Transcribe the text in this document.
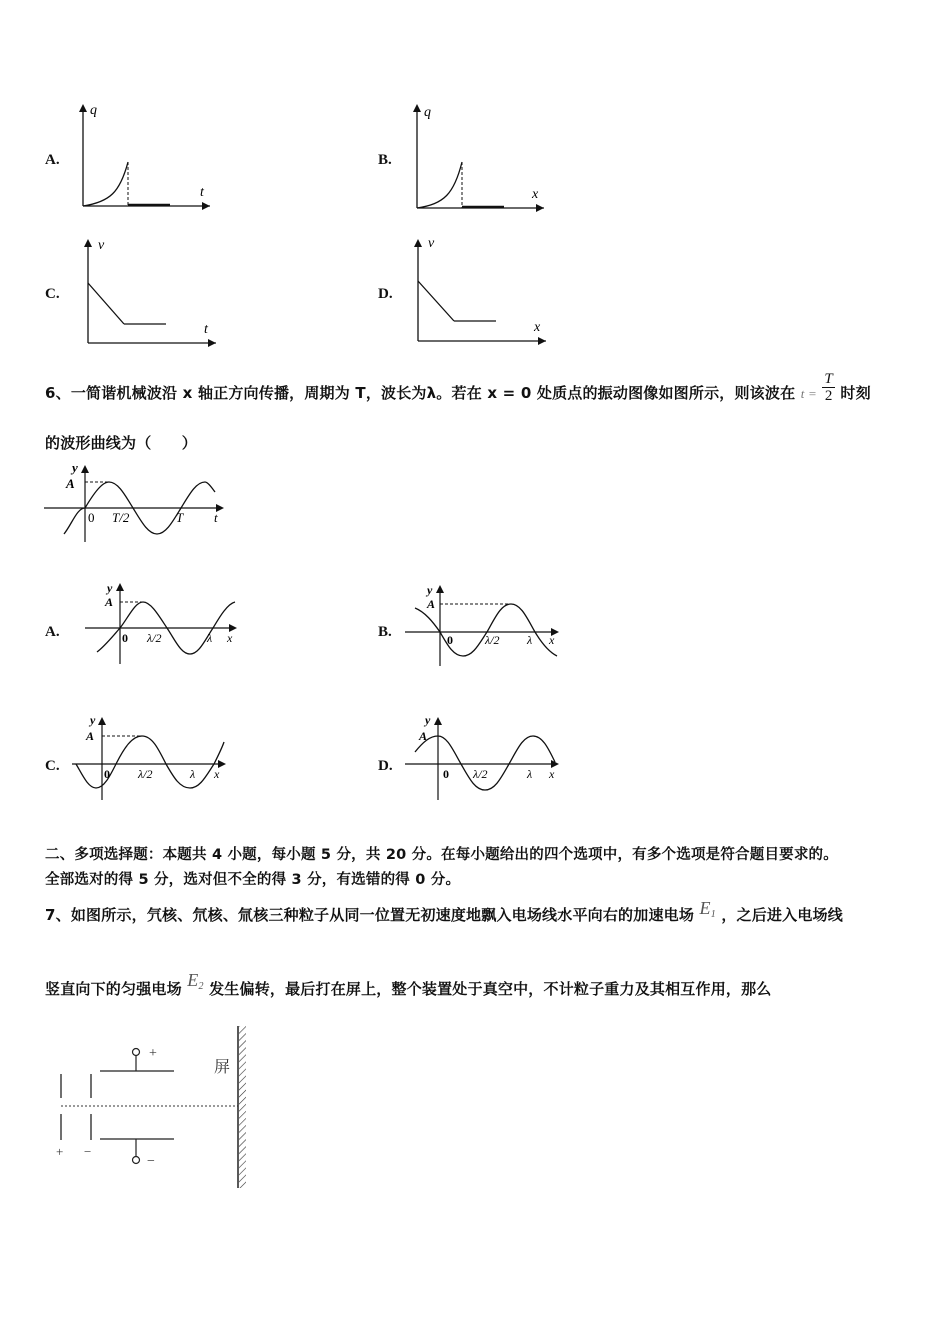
A.
q
t
B.
q
x
C.
v
t
D.
v
x
6、一简谐机械波沿 x 轴正方向传播，周期为 T，波长为λ。若在 x = 0 处质点的振动图像如图所示，则该波在 $t = \frac{T}{2}$ 时刻
的波形曲线为（　　）
y
A
0 T/2	T t
A.
y
A
0 λ/2	λ x	B.
y
A
0	λ/2 λ x
C.
y
A
0 λ/2	λ x	D.
y
A
0 λ/2	λ x
二、多项选择题：本题共 4 小题，每小题 5 分，共 20 分。在每小题给出的四个选项中，有多个选项是符合题目要求的。
全部选对的得 5 分，选对但不全的得 3 分，有选错的得 0 分。
7、如图所示，氕核、氘核、氚核三种粒子从同一位置无初速度地飘入电场线水平向右的加速电场 $E_1$ ，之后进入电场线
竖直向下的匀强电场 $E_2$ 发生偏转，最后打在屏上，整个装置处于真空中，不计粒子重力及其相互作用，那么
+ −
+
−
屏
